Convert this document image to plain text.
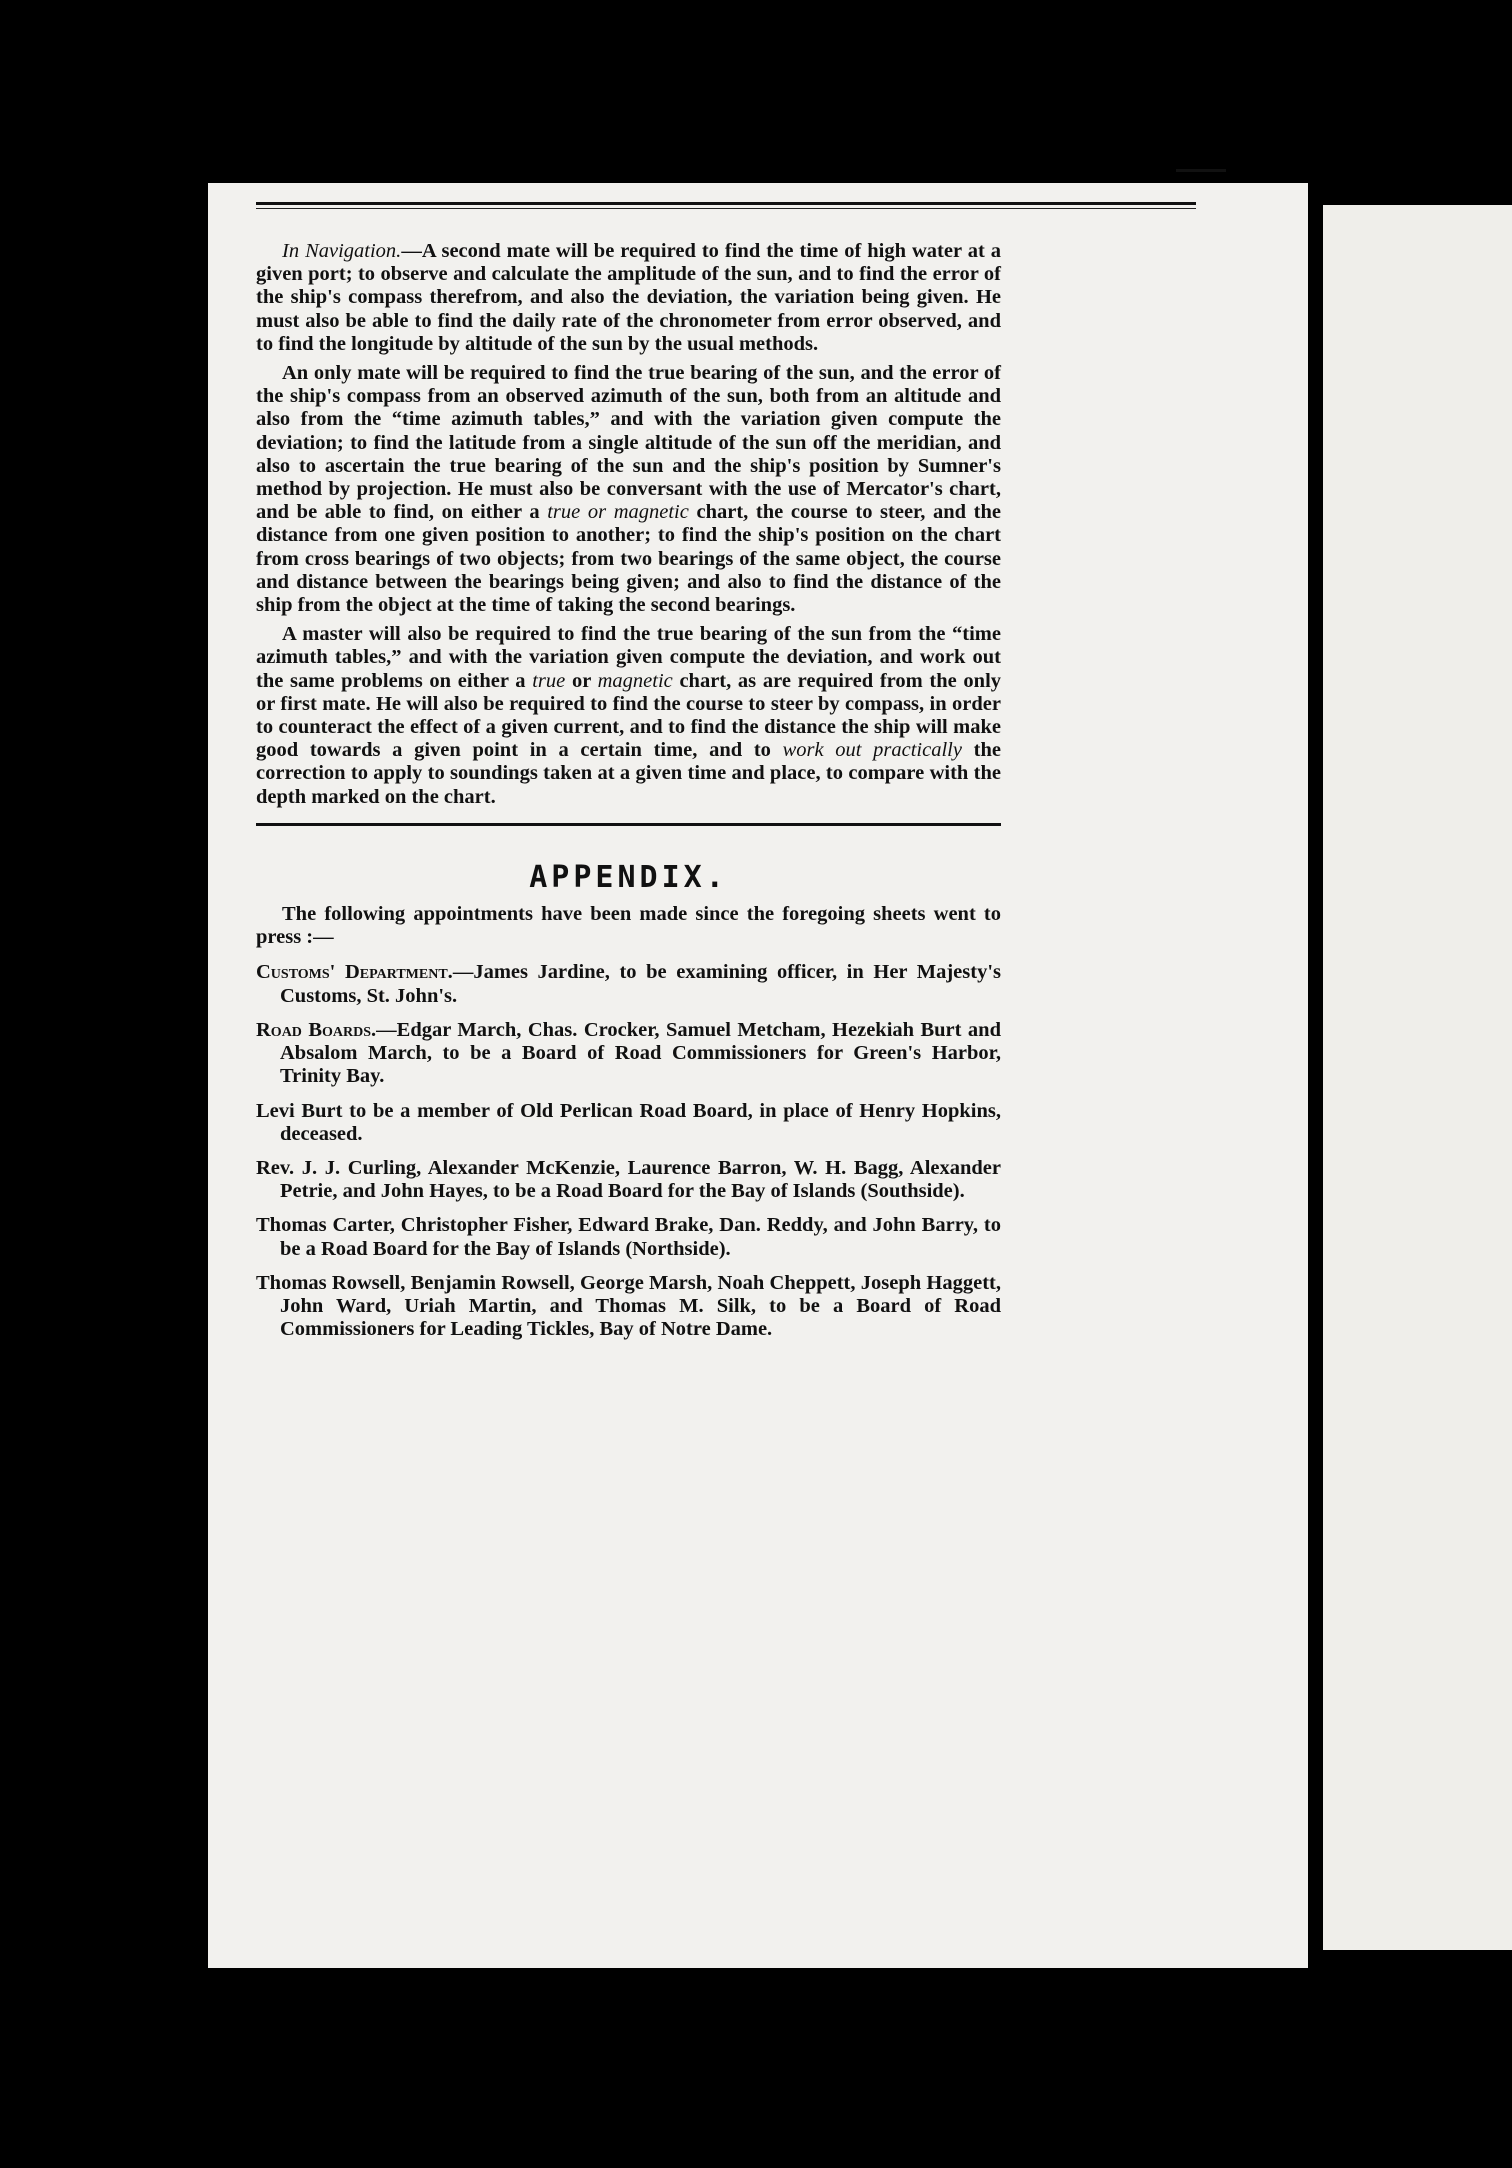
88	THE NEWFOUNDLAND ALMANAC.
30

In Navigation.—A second mate will be required to find the time of high water at a given port; to observe and calculate the amplitude of the sun, and to find the error of the ship's compass therefrom, and also the deviation, the variation being given. He must also be able to find the daily rate of the chronometer from error observed, and to find the longitude by altitude of the sun by the usual methods.

An only mate will be required to find the true bearing of the sun, and the error of the ship's compass from an observed azimuth of the sun, both from an altitude and also from the “time azimuth tables,” and with the variation given compute the deviation; to find the latitude from a single altitude of the sun off the meridian, and also to ascertain the true bearing of the sun and the ship's position by Sumner's method by projection. He must also be conversant with the use of Mercator's chart, and be able to find, on either a true or magnetic chart, the course to steer, and the distance from one given position to another; to find the ship's position on the chart from cross bearings of two objects; from two bearings of the same object, the course and distance between the bearings being given; and also to find the distance of the ship from the object at the time of taking the second bearings.

A master will also be required to find the true bearing of the sun from the “time azimuth tables,” and with the variation given compute the deviation, and work out the same problems on either a true or magnetic chart, as are required from the only or first mate. He will also be required to find the course to steer by compass, in order to counteract the effect of a given current, and to find the distance the ship will make good towards a given point in a certain time, and to work out practically the correction to apply to soundings taken at a given time and place, to compare with the depth marked on the chart.

APPENDIX.

The following appointments have been made since the foregoing sheets went to press :—

Customs' Department.—James Jardine, to be examining officer, in Her Majesty's Customs, St. John's.

Road Boards.—Edgar March, Chas. Crocker, Samuel Metcham, Hezekiah Burt and Absalom March, to be a Board of Road Commissioners for Green's Harbor, Trinity Bay.

Levi Burt to be a member of Old Perlican Road Board, in place of Henry Hopkins, deceased.

Rev. J. J. Curling, Alexander McKenzie, Laurence Barron, W. H. Bagg, Alexander Petrie, and John Hayes, to be a Road Board for the Bay of Islands (Southside).

Thomas Carter, Christopher Fisher, Edward Brake, Dan. Reddy, and John Barry, to be a Road Board for the Bay of Islands (Northside).

Thomas Rowsell, Benjamin Rowsell, George Marsh, Noah Cheppett, Joseph Haggett, John Ward, Uriah Martin, and Thomas M. Silk, to be a Board of Road Commissioners for Leading Tickles, Bay of Notre Dame.
